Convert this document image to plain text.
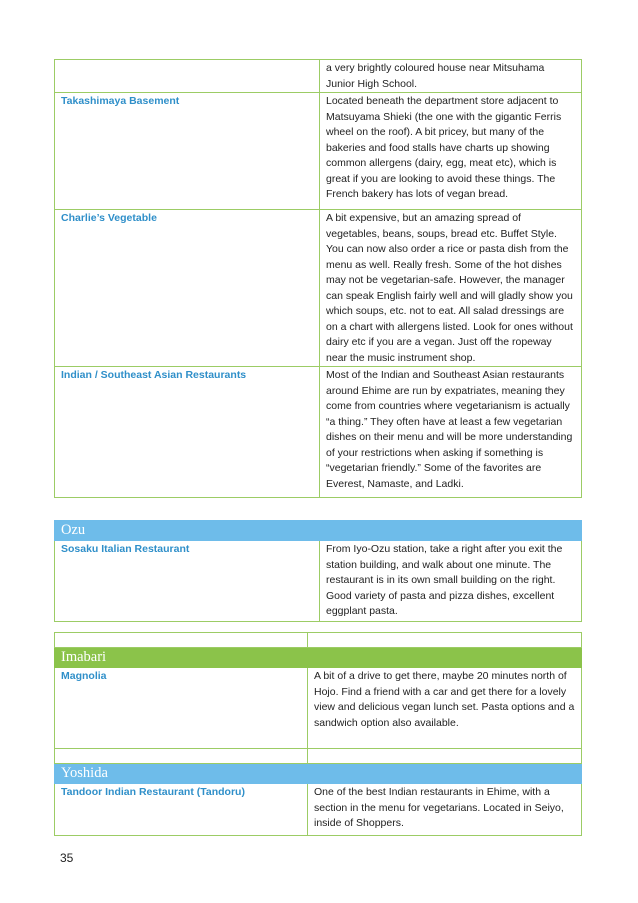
	a very brightly coloured house near Mitsuhama Junior High School.
Takashimaya Basement	Located beneath the department store adjacent to Matsuyama Shieki (the one with the gigantic Ferris wheel on the roof). A bit pricey, but many of the bakeries and food stalls have charts up showing common allergens (dairy, egg, meat etc), which is great if you are looking to avoid these things. The French bakery has lots of vegan bread.
Charlie’s Vegetable	A bit expensive, but an amazing spread of vegetables, beans, soups, bread etc. Buffet Style. You can now also order a rice or pasta dish from the menu as well. Really fresh. Some of the hot dishes may not be vegetarian-safe. However, the manager can speak English fairly well and will gladly show you which soups, etc. not to eat. All salad dressings are on a chart with allergens listed. Look for ones without dairy etc if you are a vegan. Just off the ropeway near the music instrument shop.
Indian / Southeast Asian Restaurants	Most of the Indian and Southeast Asian restaurants around Ehime are run by expatriates, meaning they come from countries where vegetarianism is actually “a thing.” They often have at least a few vegetarian dishes on their menu and will be more understanding of your restrictions when asking if something is “vegetarian friendly.” Some of the favorites are Everest, Namaste, and Ladki.
Ozu	
Sosaku Italian Restaurant	From Iyo-Ozu station, take a right after you exit the station building, and walk about one minute. The restaurant is in its own small building on the right. Good variety of pasta and pizza dishes, excellent eggplant pasta.

Imabari	
Magnolia	A bit of a drive to get there, maybe 20 minutes north of Hojo. Find a friend with a car and get there for a lovely view and delicious vegan lunch set. Pasta options and a sandwich option also available.

Yoshida	
Tandoor Indian Restaurant (Tandoru)	One of the best Indian restaurants in Ehime, with a section in the menu for vegetarians. Located in Seiyo, inside of Shoppers.
35
